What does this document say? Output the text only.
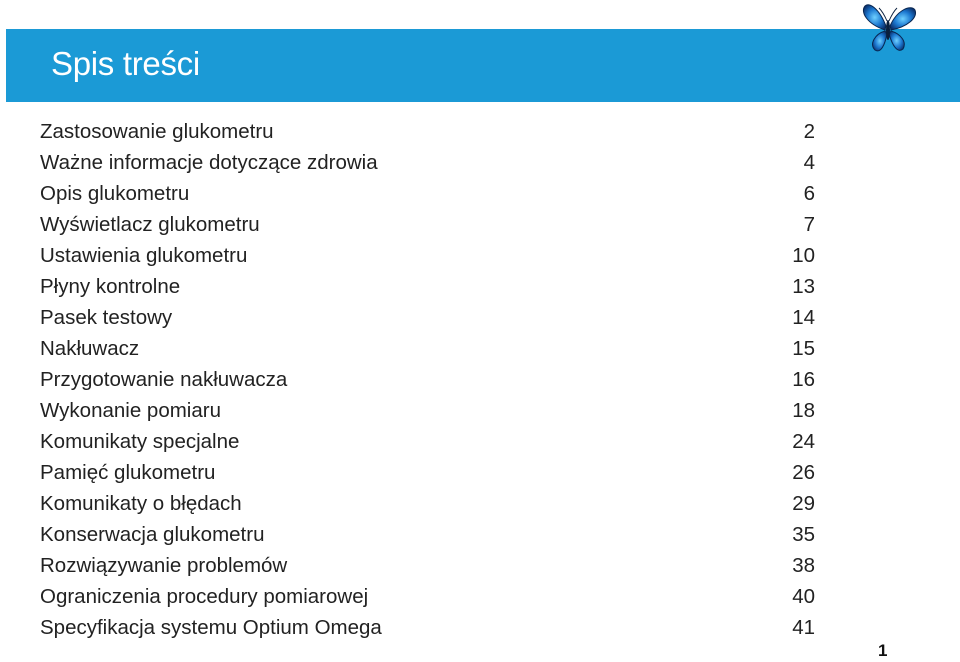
Spis treści
Zastosowanie glukometru	2
Ważne informacje dotyczące zdrowia	4
Opis glukometru	6
Wyświetlacz glukometru	7
Ustawienia glukometru	10
Płyny kontrolne	13
Pasek testowy	14
Nakłuwacz	15
Przygotowanie nakłuwacza	16
Wykonanie pomiaru	18
Komunikaty specjalne	24
Pamięć glukometru	26
Komunikaty o błędach	29
Konserwacja glukometru	35
Rozwiązywanie problemów	38
Ograniczenia procedury pomiarowej	40
Specyfikacja systemu Optium Omega	41
1
